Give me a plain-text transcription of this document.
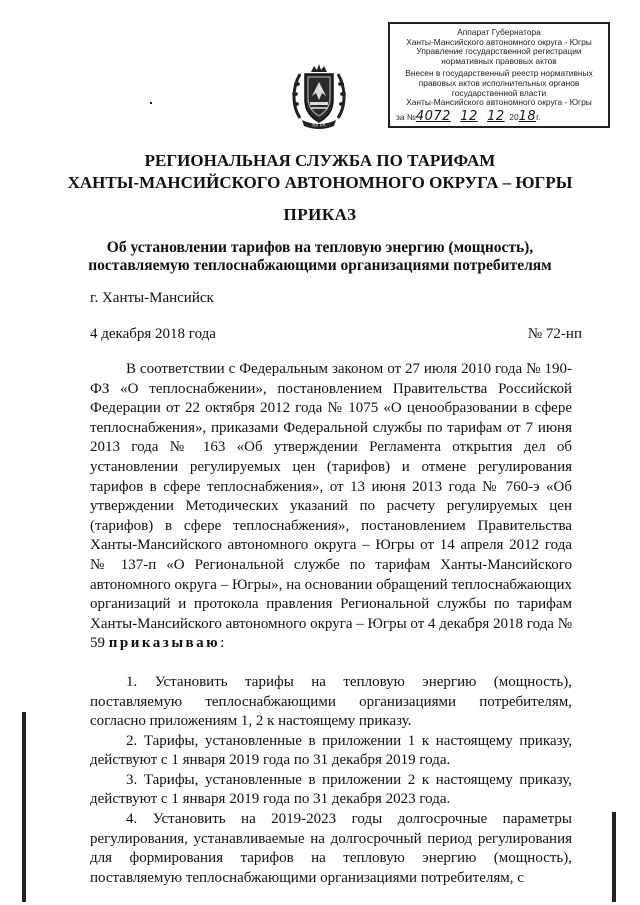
Аппарат Губернатора
Ханты-Мансийского автономного округа - Югры
Управление государственной регистрации
нормативных правовых актов
Внесен в государственный реестр нормативных
правовых актов исполнительных органов
государственной власти
Ханты-Мансийского автономного округа - Югры
за №4072 12 12 2018г.
ЮГРА
РЕГИОНАЛЬНАЯ СЛУЖБА ПО ТАРИФАМ
ХАНТЫ-МАНСИЙСКОГО АВТОНОМНОГО ОКРУГА – ЮГРЫ
ПРИКАЗ
Об установлении тарифов на тепловую энергию (мощность),
поставляемую теплоснабжающими организациями потребителям
г. Ханты-Мансийск
4 декабря 2018 года	№ 72-нп

В соответствии с Федеральным законом от 27 июля 2010 года № 190-ФЗ «О теплоснабжении», постановлением Правительства Российской Федерации от 22 октября 2012 года № 1075 «О ценообразовании в сфере теплоснабжения», приказами Федеральной службы по тарифам от 7 июня 2013 года № 163 «Об утверждении Регламента открытия дел об установлении регулируемых цен (тарифов) и отмене регулирования тарифов в сфере теплоснабжения», от 13 июня 2013 года № 760-э «Об утверждении Методических указаний по расчету регулируемых цен (тарифов) в сфере теплоснабжения», постановлением Правительства Ханты-Мансийского автономного округа – Югры от 14 апреля 2012 года № 137-п «О Региональной службе по тарифам Ханты-Мансийского автономного округа – Югры», на основании обращений теплоснабжающих организаций и протокола правления Региональной службы по тарифам Ханты-Мансийского автономного округа – Югры от 4 декабря 2018 года № 59 приказываю:

1. Установить тарифы на тепловую энергию (мощность), поставляемую теплоснабжающими организациями потребителям, согласно приложениям 1, 2 к настоящему приказу.

2. Тарифы, установленные в приложении 1 к настоящему приказу, действуют с 1 января 2019 года по 31 декабря 2019 года.

3. Тарифы, установленные в приложении 2 к настоящему приказу, действуют с 1 января 2019 года по 31 декабря 2023 года.

4. Установить на 2019-2023 годы долгосрочные параметры регулирования, устанавливаемые на долгосрочный период регулирования для формирования тарифов на тепловую энергию (мощность), поставляемую теплоснабжающими организациями потребителям, с
